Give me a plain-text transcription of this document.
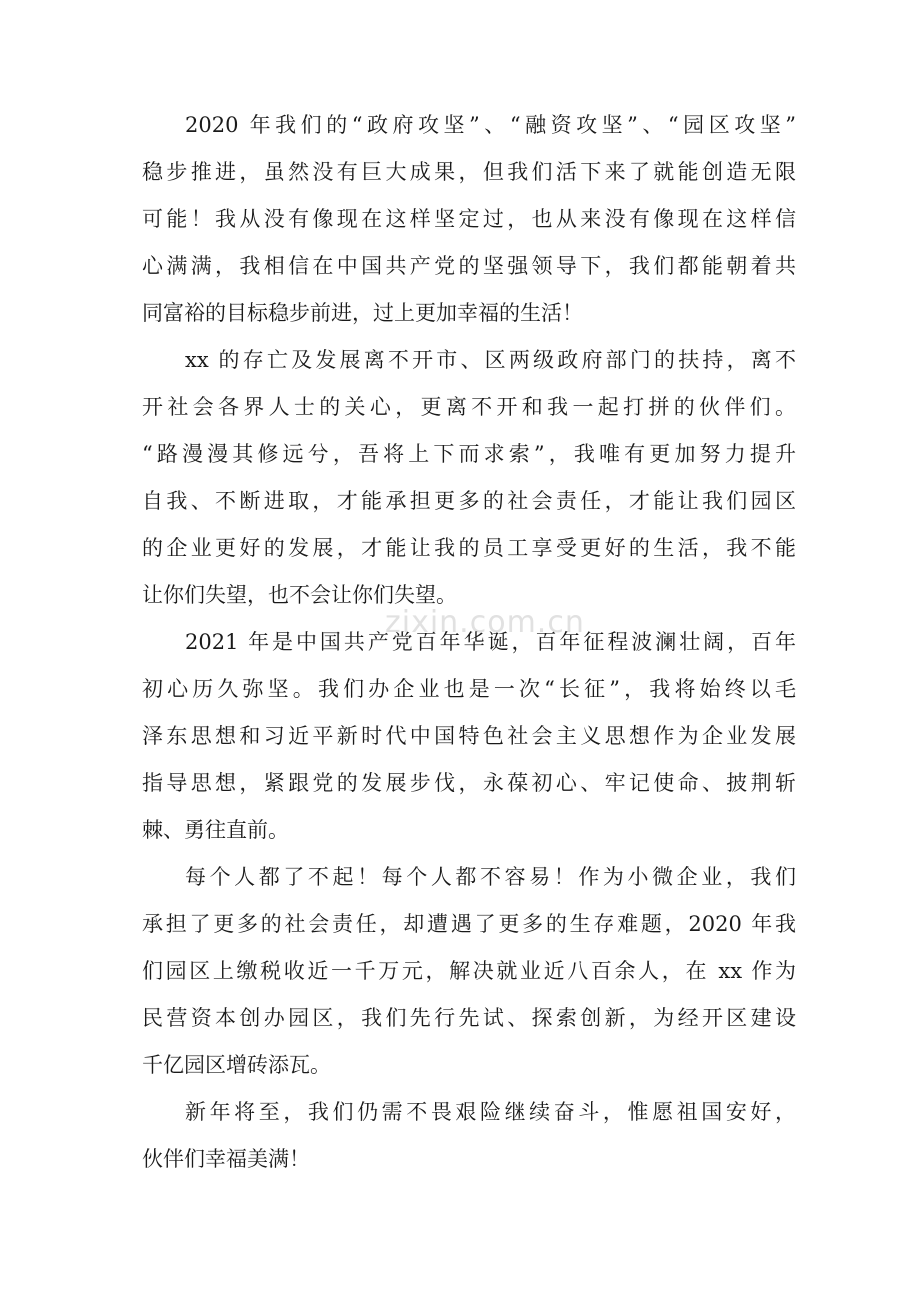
2020 年我们的“政府攻坚”、“融资攻坚”、“园区攻坚”
稳步推进，虽然没有巨大成果，但我们活下来了就能创造无限
可能！我从没有像现在这样坚定过，也从来没有像现在这样信
心满满，我相信在中国共产党的坚强领导下，我们都能朝着共
同富裕的目标稳步前进，过上更加幸福的生活！
xx 的存亡及发展离不开市、区两级政府部门的扶持，离不
开社会各界人士的关心，更离不开和我一起打拼的伙伴们。
“路漫漫其修远兮，吾将上下而求索”，我唯有更加努力提升
自我、不断进取，才能承担更多的社会责任，才能让我们园区
的企业更好的发展，才能让我的员工享受更好的生活，我不能
让你们失望，也不会让你们失望。
2021 年是中国共产党百年华诞，百年征程波澜壮阔，百年
初心历久弥坚。我们办企业也是一次“长征”，我将始终以毛
泽东思想和习近平新时代中国特色社会主义思想作为企业发展
指导思想，紧跟党的发展步伐，永葆初心、牢记使命、披荆斩
棘、勇往直前。
每个人都了不起！每个人都不容易！作为小微企业，我们
承担了更多的社会责任，却遭遇了更多的生存难题，2020 年我
们园区上缴税收近一千万元，解决就业近八百余人，在 xx 作为
民营资本创办园区，我们先行先试、探索创新，为经开区建设
千亿园区增砖添瓦。
新年将至，我们仍需不畏艰险继续奋斗，惟愿祖国安好，
伙伴们幸福美满！
zixin.com.cn
